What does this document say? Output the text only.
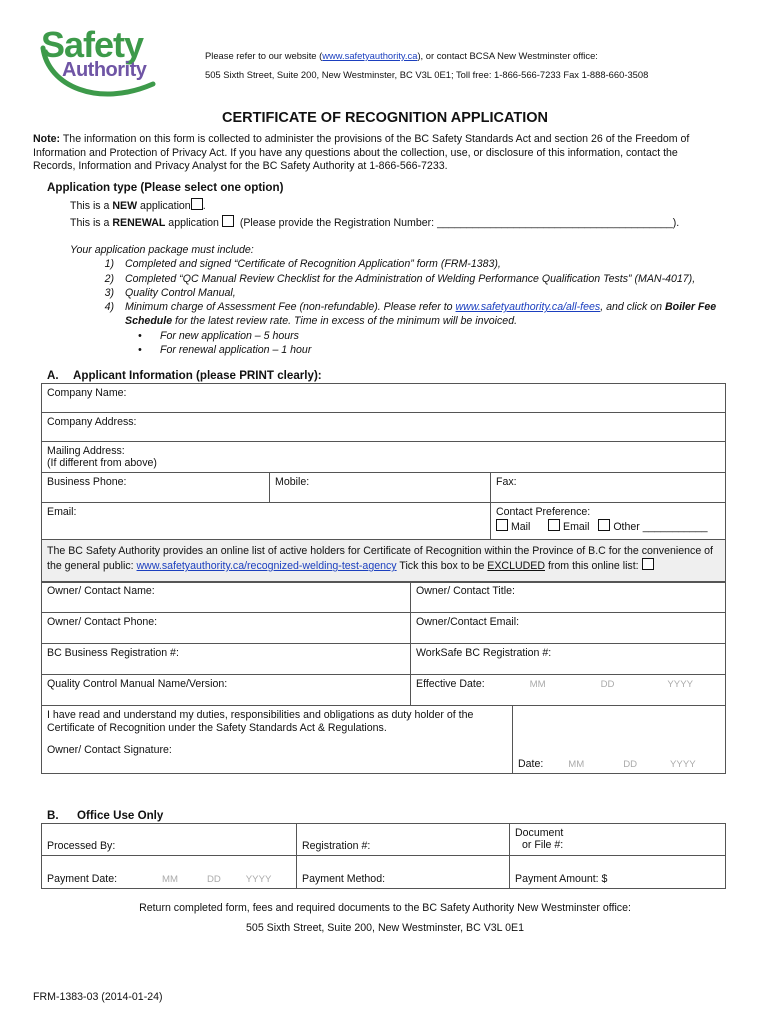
Safety
Authority
Please refer to our website (www.safetyauthority.ca), or contact BCSA New Westminster office:
505 Sixth Street, Suite 200, New Westminster, BC V3L 0E1; Toll free: 1-866-566-7233 Fax 1-888-660-3508
CERTIFICATE OF RECOGNITION APPLICATION
Note: The information on this form is collected to administer the provisions of the BC Safety Standards Act and section 26 of the Freedom of Information and Protection of Privacy Act. If you have any questions about the collection, use, or disclosure of this information, contact the Records, Information and Privacy Analyst for the BC Safety Authority at 1-866-566-7233.
Application type (Please select one option)
This is a NEW application .
This is a RENEWAL application (Please provide the Registration Number: ________________________________________).
Your application package must include:
1)	Completed and signed “Certificate of Recognition Application” form (FRM-1383),
2)	Completed “QC Manual Review Checklist for the Administration of Welding Performance Qualification Tests” (MAN-4017),
3)	Quality Control Manual,
4)	Minimum charge of Assessment Fee (non-refundable). Please refer to www.safetyauthority.ca/all-fees, and click on Boiler Fee Schedule for the latest review rate. Time in excess of the minimum will be invoiced.
• For new application – 5 hours
• For renewal application – 1 hour
A. Applicant Information (please PRINT clearly):
Company Name:		
Company Address:		

Mailing Address:
(If different from above)		

Business Phone:	Mobile:	Fax:
Email:		Contact Preference:
Mail Email Other ___________

The BC Safety Authority provides an online list of active holders for Certificate of Recognition within the Province of B.C for the convenience of the general public: www.safetyauthority.ca/recognized-welding-test-agency Tick this box to be EXCLUDED from this online list:		
Owner/ Contact Name:	Owner/ Contact Title:
Owner/ Contact Phone:	Owner/Contact Email:
BC Business Registration #:	WorkSafe BC Registration #:
Quality Control Manual Name/Version:	Effective Date: MM DD YYYY
I have read and understand my duties, responsibilities and obligations as duty holder of the Certificate of Recognition under the Safety Standards Act & Regulations.
Owner/ Contact Signature:
	Date:	MM	DD	YYYY
B. Office Use Only
Processed By:	Registration #:	Document
or File #:

Payment Date: MM DD YYYY	Payment Method:	Payment Amount: $
Return completed form, fees and required documents to the BC Safety Authority New Westminster office:
505 Sixth Street, Suite 200, New Westminster, BC V3L 0E1
FRM-1383-03 (2014-01-24)
